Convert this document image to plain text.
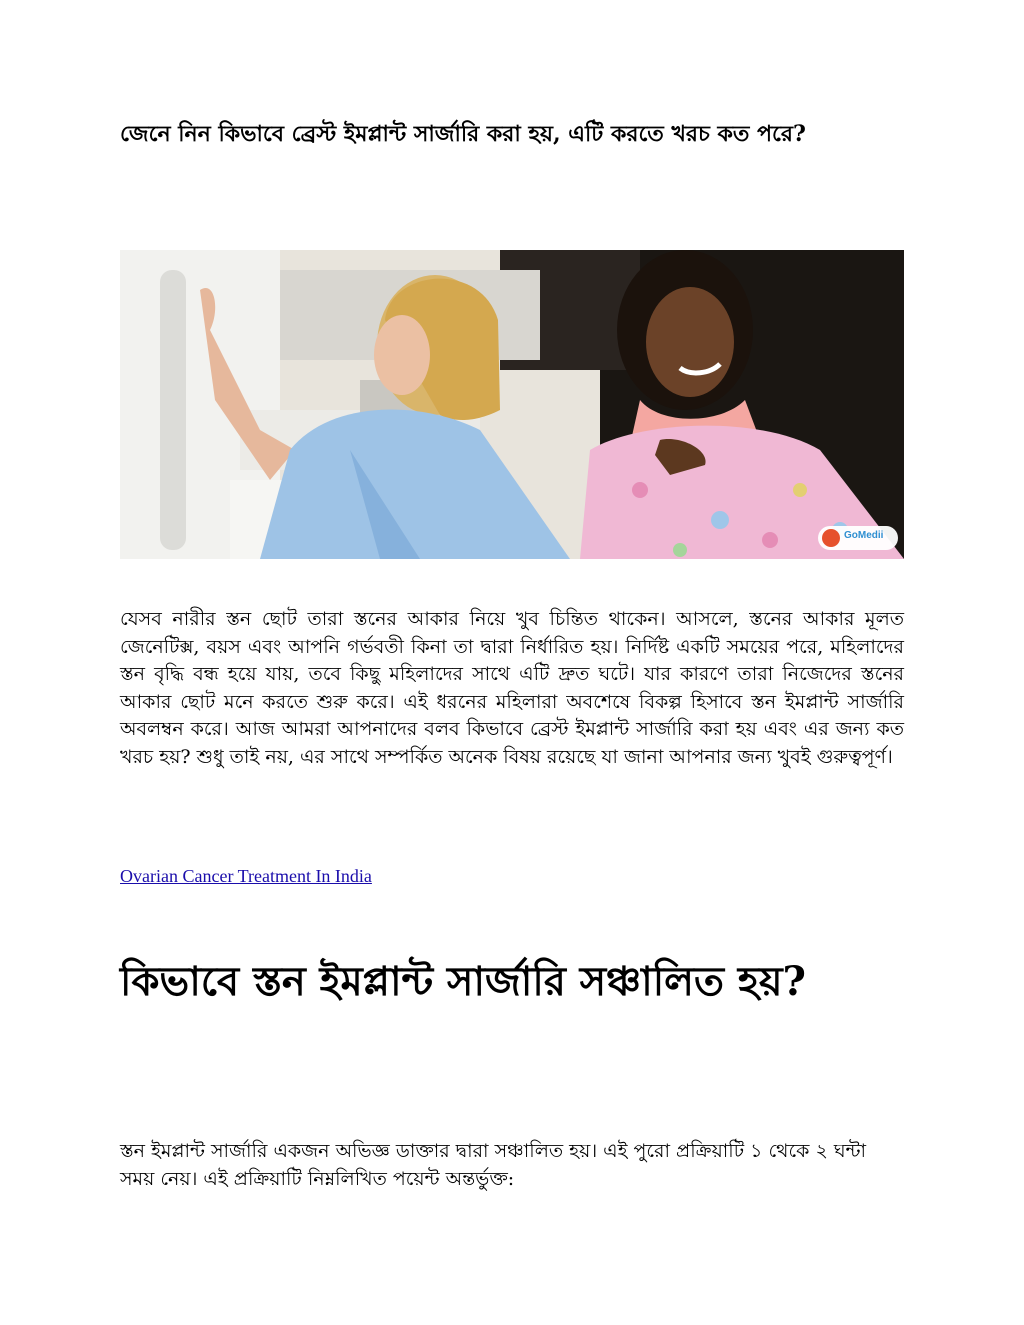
জেনে নিন কিভাবে ব্রেস্ট ইমপ্লান্ট সার্জারি করা হয়, এটি করতে খরচ কত পরে?
GoMedii

যেসব নারীর স্তন ছোট তারা স্তনের আকার নিয়ে খুব চিন্তিত থাকেন। আসলে, স্তনের আকার মূলত জেনেটিক্স, বয়স এবং আপনি গর্ভবতী কিনা তা দ্বারা নির্ধারিত হয়। নির্দিষ্ট একটি সময়ের পরে, মহিলাদের স্তন বৃদ্ধি বন্ধ হয়ে যায়, তবে কিছু মহিলাদের সাথে এটি দ্রুত ঘটে। যার কারণে তারা নিজেদের স্তনের আকার ছোট মনে করতে শুরু করে। এই ধরনের মহিলারা অবশেষে বিকল্প হিসাবে স্তন ইমপ্লান্ট সার্জারি অবলম্বন করে। আজ আমরা আপনাদের বলব কিভাবে ব্রেস্ট ইমপ্লান্ট সার্জারি করা হয় এবং এর জন্য কত খরচ হয়? শুধু তাই নয়, এর সাথে সম্পর্কিত অনেক বিষয় রয়েছে যা জানা আপনার জন্য খুবই গুরুত্বপূর্ণ।

Ovarian Cancer Treatment In India
কিভাবে স্তন ইমপ্লান্ট সার্জারি সঞ্চালিত হয়?

স্তন ইমপ্লান্ট সার্জারি একজন অভিজ্ঞ ডাক্তার দ্বারা সঞ্চালিত হয়। এই পুরো প্রক্রিয়াটি ১ থেকে ২ ঘন্টা সময় নেয়। এই প্রক্রিয়াটি নিম্নলিখিত পয়েন্ট অন্তর্ভুক্ত:
